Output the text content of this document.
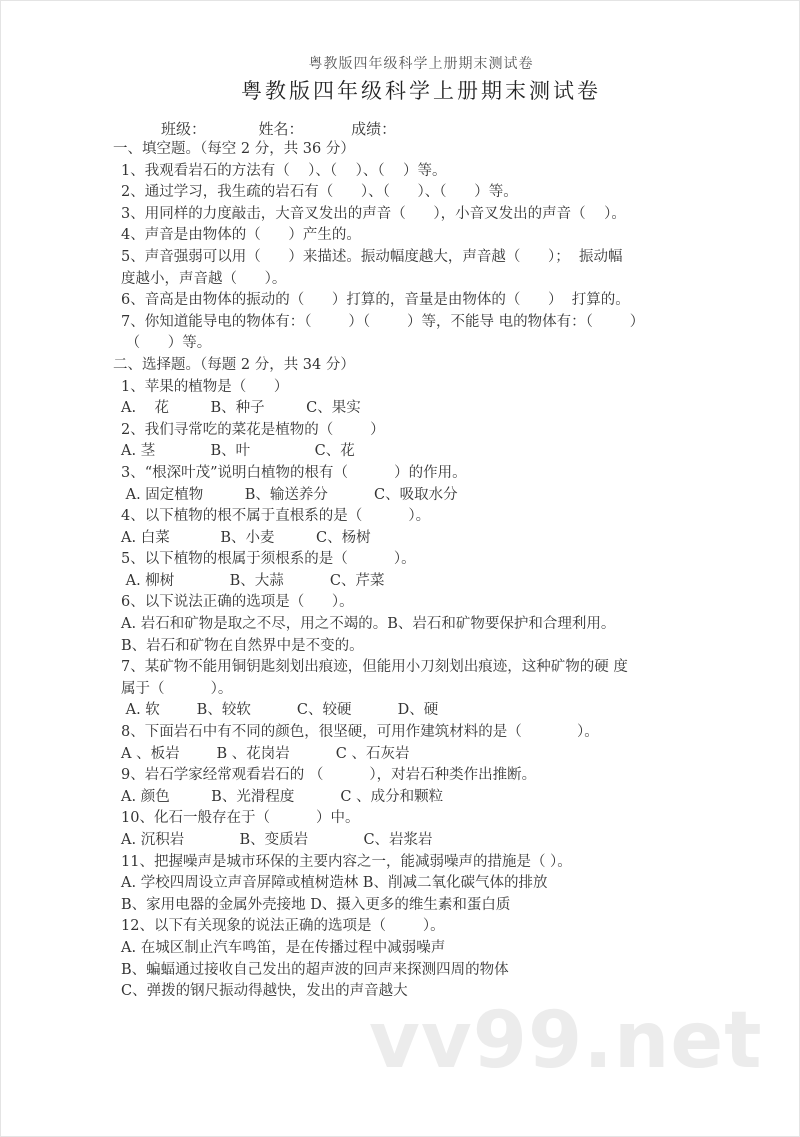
粤教版四年级科学上册期末测试卷
粤教版四年级科学上册期末测试卷
班级：	姓名：	成绩：
一、填空题。（每空 2 分，共 36 分）
1、我观看岩石的方法有（    ）、（    ）、（    ）等。
2、通过学习，我生疏的岩石有（      ）、（      ）、（      ）等。
3、用同样的力度敲击，大音叉发出的声音（      ），小音叉发出的声音（    ）。
4、声音是由物体的（      ）产生的。
5、声音强弱可以用（      ）来描述。振动幅度越大，声音越（      ）；  振动幅
度越小，声音越（      ）。
6、音高是由物体的振动的（      ）打算的，音量是由物体的（      ）  打算的。
7、你知道能导电的物体有：（        ）（        ）等，不能导 电的物体有：（        ）
（      ）等。
二、选择题。（每题 2 分，共 34 分）
1、苹果的植物是（      ）
A.    花         B、种子         C、果实
2、我们寻常吃的菜花是植物的（        ）
A. 茎            B、叶              C、花
3、“根深叶茂”说明白植物的根有（          ）的作用。
A. 固定植物         B、输送养分          C、吸取水分
4、以下植物的根不属于直根系的是（          ）。
A. 白菜           B、小麦         C、杨树
5、以下植物的根属于须根系的是（          ）。
A. 柳树            B、大蒜          C、芹菜
6、以下说法正确的选项是（      ）。
A. 岩石和矿物是取之不尽，用之不竭的。B、岩石和矿物要保护和合理利用。
B、岩石和矿物在自然界中是不变的。
7、某矿物不能用铜钥匙刻划出痕迹，但能用小刀刻划出痕迹，这种矿物的硬 度
属于（          ）。
A. 软        B、较软          C、较硬          D、硬
8、下面岩石中有不同的颜色，很坚硬，可用作建筑材料的是（            ）。
A 、板岩        B 、花岗岩          C 、石灰岩
9、岩石学家经常观看岩石的 （          ），对岩石种类作出推断。
A. 颜色         B、光滑程度          C 、成分和颗粒
10、化石一般存在于（          ）中。
A. 沉积岩            B、变质岩            C、岩浆岩
11、把握噪声是城市环保的主要内容之一，能减弱噪声的措施是（ ）。
A. 学校四周设立声音屏障或植树造林 B、削减二氧化碳气体的排放
B、家用电器的金属外壳接地 D、摄入更多的维生素和蛋白质
12、以下有关现象的说法正确的选项是（        ）。
A. 在城区制止汽车鸣笛，是在传播过程中减弱噪声
B、蝙蝠通过接收自己发出的超声波的回声来探测四周的物体
C、弹拨的钢尺振动得越快，发出的声音越大
vv99.net
